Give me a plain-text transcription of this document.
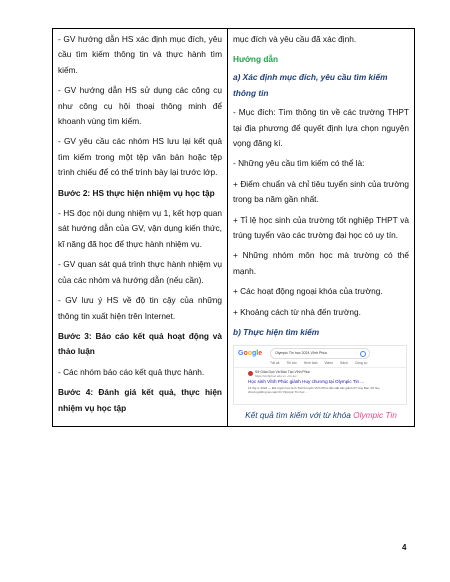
- GV hướng dẫn HS xác định mục đích, yêu cầu tìm kiếm thông tin và thực hành tìm kiếm.

- GV hướng dẫn HS sử dụng các công cụ như công cụ hội thoại thông minh để khoanh vùng tìm kiếm.

- GV yêu cầu các nhóm HS lưu lại kết quả tìm kiếm trong một tệp văn bản hoặc tệp trình chiếu để có thể trình bày lại trước lớp.

Bước 2: HS thực hiện nhiệm vụ học tập

- HS đọc nội dung nhiệm vụ 1, kết hợp quan sát hướng dẫn của GV, vận dụng kiến thức, kĩ năng đã học để thực hành nhiệm vụ.

- GV quan sát quá trình thực hành nhiệm vụ của các nhóm và hướng dẫn (nếu cần).

- GV lưu ý HS về độ tin cậy của những thông tin xuất hiện trên Internet.

Bước 3: Báo cáo kết quả hoạt động và thảo luận

- Các nhóm báo cáo kết quả thực hành.

Bước 4: Đánh giá kết quả, thực hiện nhiệm vụ học tập

mục đích và yêu cầu đã xác định.

Hướng dẫn

a) Xác định mục đích, yêu cầu tìm kiếm thông tin

- Mục đích: Tìm thông tin về các trường THPT tại địa phương để quyết định lựa chọn nguyện vọng đăng kí.

- Những yêu cầu tìm kiếm có thể là:

+ Điểm chuẩn và chỉ tiêu tuyển sinh của trường trong ba năm gần nhất.

+ Tỉ lệ học sinh của trường tốt nghiệp THPT và trúng tuyển vào các trường đại học có uy tín.

+ Những nhóm môn học mà trường có thế mạnh.

+ Các hoạt động ngoại khóa của trường.

+ Khoảng cách từ nhà đến trường.

b) Thực hiện tìm kiếm

Google	Olympic Tin học 2024 Vĩnh Phúc
Tất cả Tin tức Hình ảnh Video Sách Công cụ
Sở Giáo Dục Và Đào Tạo Vĩnh Phúc
https://vinhphuc.edu.vn › tin-tuc
Học sinh Vĩnh Phúc giành Huy chương tại Olympic Tin ...
13 thg 4, 2024 — Đội tuyển học sinh THCS tuyển Vĩnh Phúc đã xuất sắc giành 07 Huy Bạc, 05 huy chương Đồng tại cuộc thi 'Olympic Tin học ...

Kết quả tìm kiếm với từ khóa Olympic Tin

4
